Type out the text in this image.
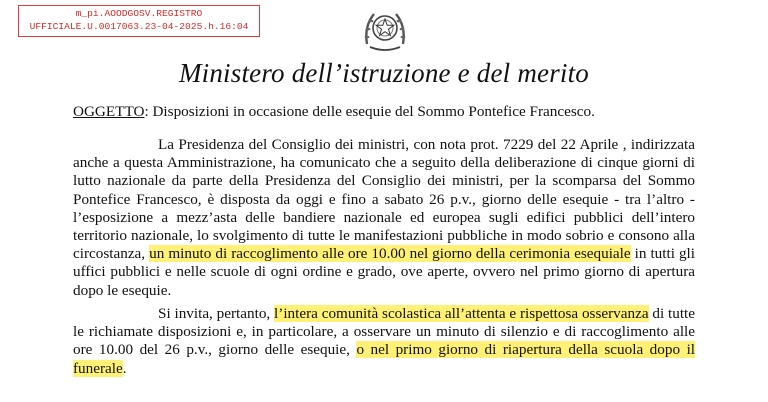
m_pi.AOODGOSV.REGISTRO
UFFICIALE.U.0017063.23-04-2025.h.16:04
Ministero dell’istruzione e del merito
OGGETTO: Disposizioni in occasione delle esequie del Sommo Pontefice Francesco.
La Presidenza del Consiglio dei ministri, con nota prot. 7229 del 22 Aprile , indirizzata anche a questa Amministrazione, ha comunicato che a seguito della deliberazione di cinque giorni di lutto nazionale da parte della Presidenza del Consiglio dei ministri, per la scomparsa del Sommo Pontefice Francesco, è disposta da oggi e fino a sabato 26 p.v., giorno delle esequie - tra l’altro - l’esposizione a mezz’asta delle bandiere nazionale ed europea sugli edifici pubblici dell’intero territorio nazionale, lo svolgimento di tutte le manifestazioni pubbliche in modo sobrio e consono alla circostanza, un minuto di raccoglimento alle ore 10.00 nel giorno della cerimonia esequiale in tutti gli uffici pubblici e nelle scuole di ogni ordine e grado, ove aperte, ovvero nel primo giorno di apertura dopo le esequie.
Si invita, pertanto, l’intera comunità scolastica all’attenta e rispettosa osservanza di tutte le richiamate disposizioni e, in particolare, a osservare un minuto di silenzio e di raccoglimento alle ore 10.00 del 26 p.v., giorno delle esequie, o nel primo giorno di riapertura della scuola dopo il funerale.
